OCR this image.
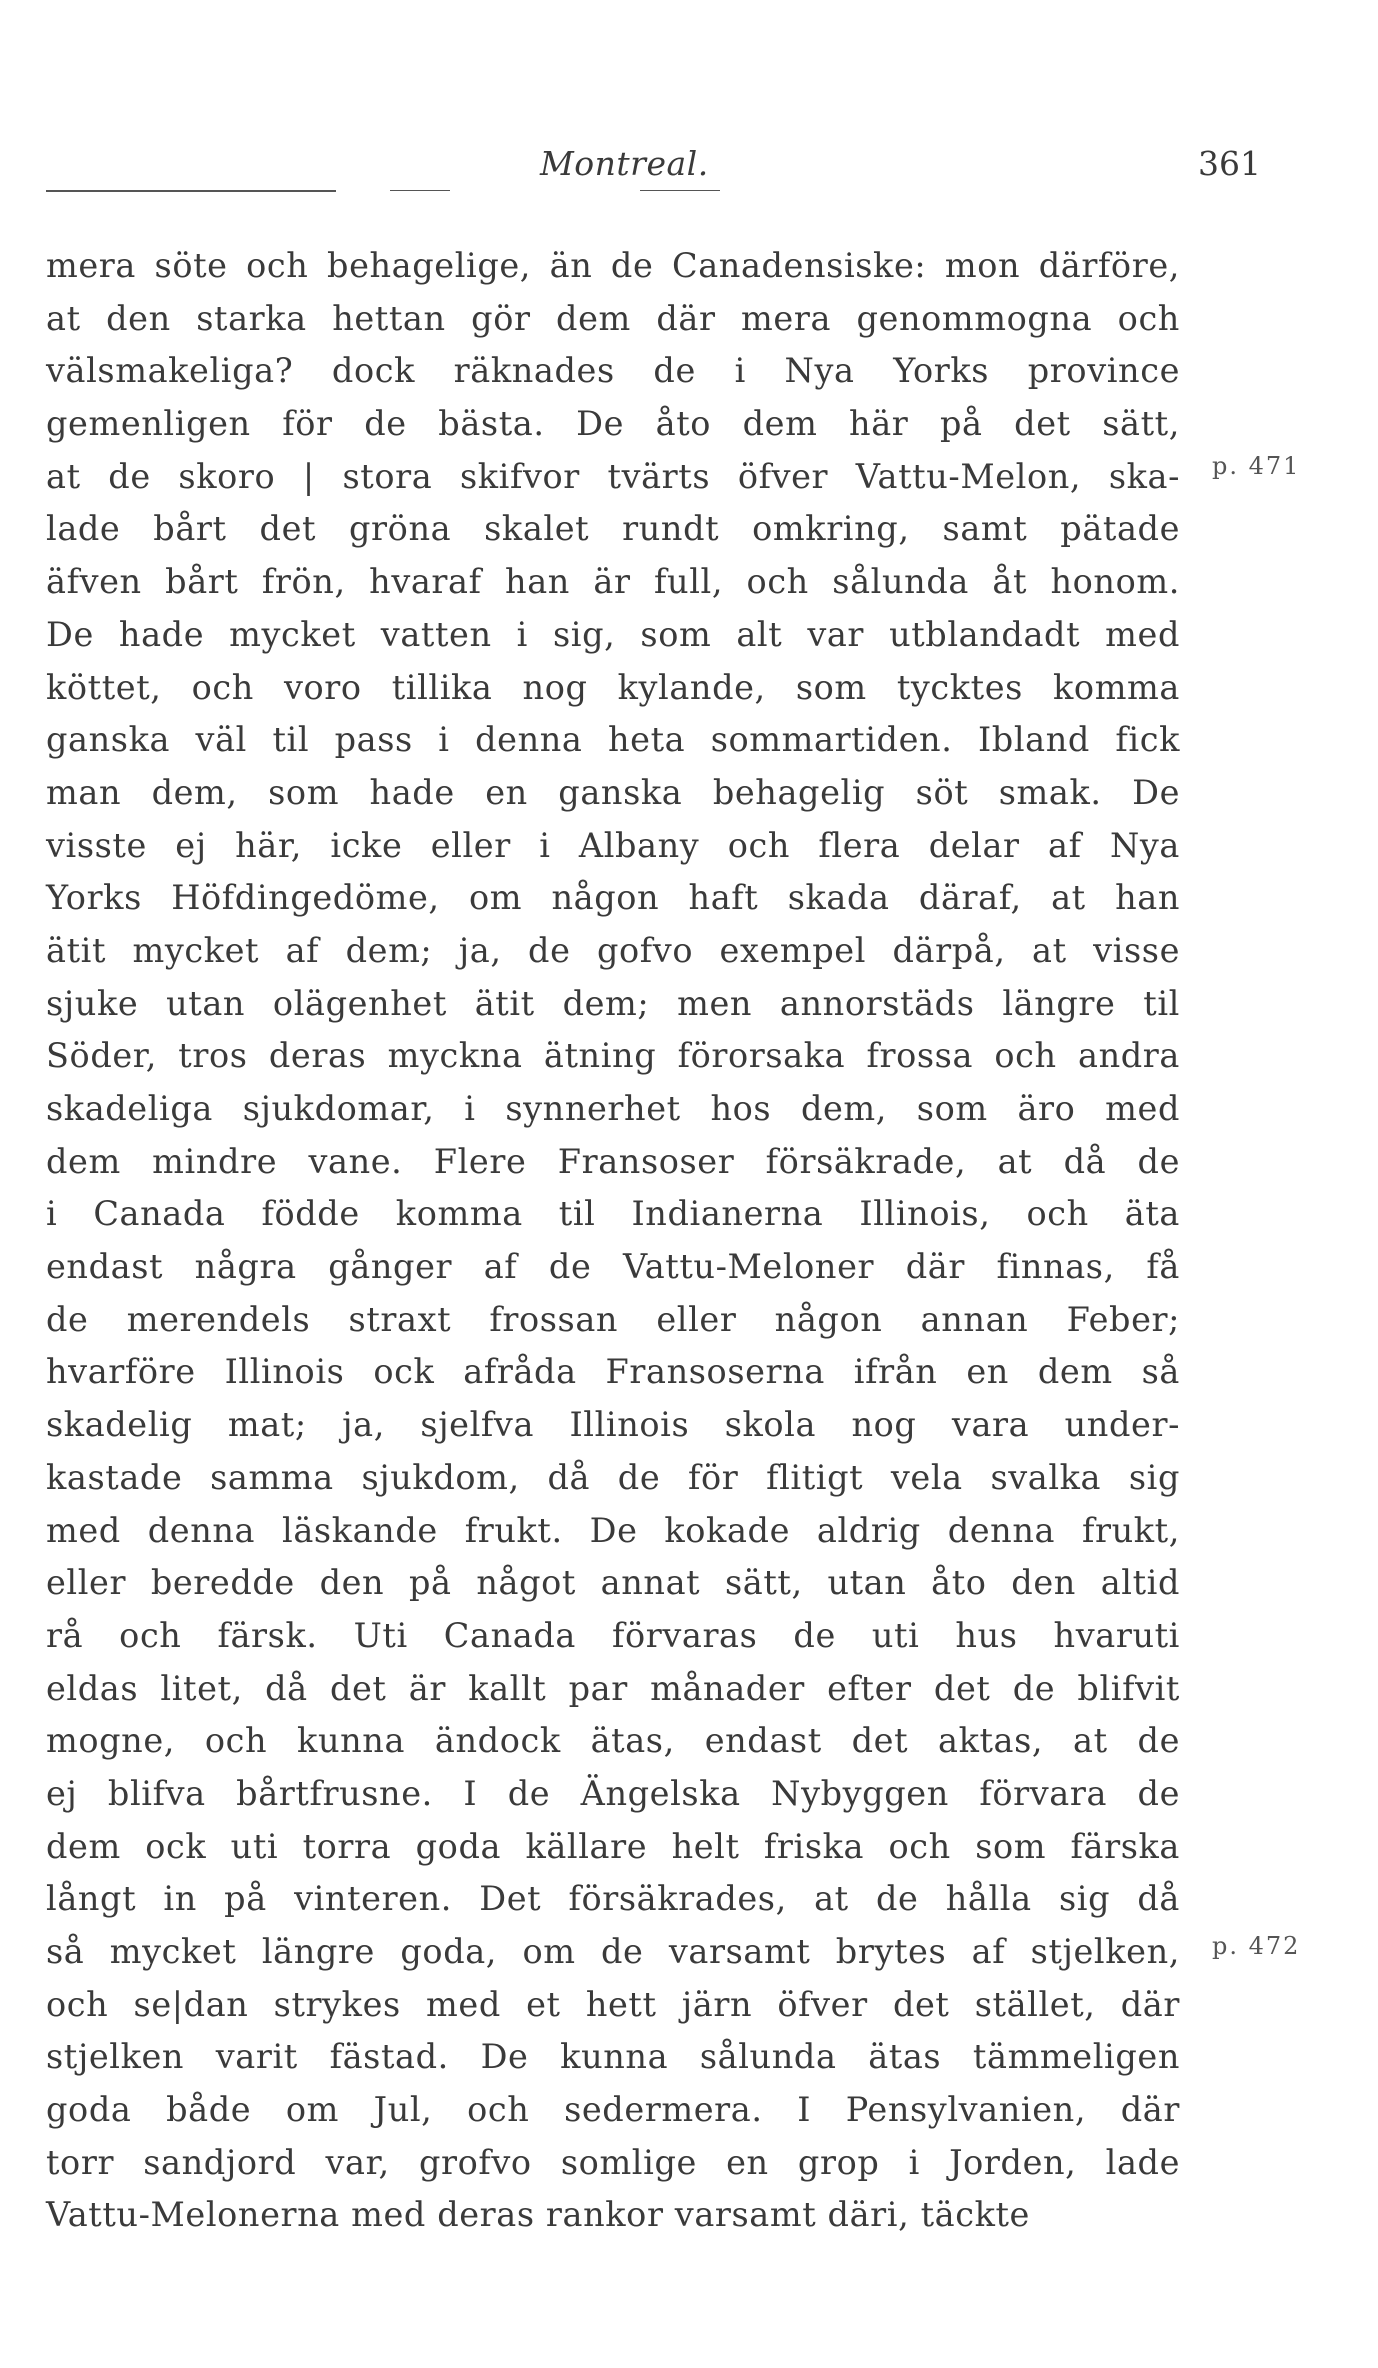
Montreal.	361
mera söte och behagelige, än de Canadensiske: mon därföre,
at den starka hettan gör dem där mera genommogna och
välsmakeliga? dock räknades de i Nya Yorks province
gemenligen för de bästa. De åto dem här på det sätt,
at de skoro | stora skifvor tvärts öfver Vattu-Melon, ska-
lade bårt det gröna skalet rundt omkring, samt pätade
äfven bårt frön, hvaraf han är full, och sålunda åt honom.
De hade mycket vatten i sig, som alt var utblandadt med
köttet, och voro tillika nog kylande, som tycktes komma
ganska väl til pass i denna heta sommartiden. Ibland fick
man dem, som hade en ganska behagelig söt smak. De
visste ej här, icke eller i Albany och flera delar af Nya
Yorks Höfdingedöme, om någon haft skada däraf, at han
ätit mycket af dem; ja, de gofvo exempel därpå, at visse
sjuke utan olägenhet ätit dem; men annorstäds längre til
Söder, tros deras myckna ätning förorsaka frossa och andra
skadeliga sjukdomar, i synnerhet hos dem, som äro med
dem mindre vane. Flere Fransoser försäkrade, at då de
i Canada födde komma til Indianerna Illinois, och äta
endast några gånger af de Vattu-Meloner där finnas, få
de merendels straxt frossan eller någon annan Feber;
hvarföre Illinois ock afråda Fransoserna ifrån en dem så
skadelig mat; ja, sjelfva Illinois skola nog vara under-
kastade samma sjukdom, då de för flitigt vela svalka sig
med denna läskande frukt. De kokade aldrig denna frukt,
eller beredde den på något annat sätt, utan åto den altid
rå och färsk. Uti Canada förvaras de uti hus hvaruti
eldas litet, då det är kallt par månader efter det de blifvit
mogne, och kunna ändock ätas, endast det aktas, at de
ej blifva bårtfrusne. I de Ängelska Nybyggen förvara de
dem ock uti torra goda källare helt friska och som färska
långt in på vinteren. Det försäkrades, at de hålla sig då
så mycket längre goda, om de varsamt brytes af stjelken,
och se|dan strykes med et hett järn öfver det stället, där
stjelken varit fästad. De kunna sålunda ätas tämmeligen
goda både om Jul, och sedermera. I Pensylvanien, där
torr sandjord var, grofvo somlige en grop i Jorden, lade
Vattu-Melonerna med deras rankor varsamt däri, täckte
p. 471
p. 472
